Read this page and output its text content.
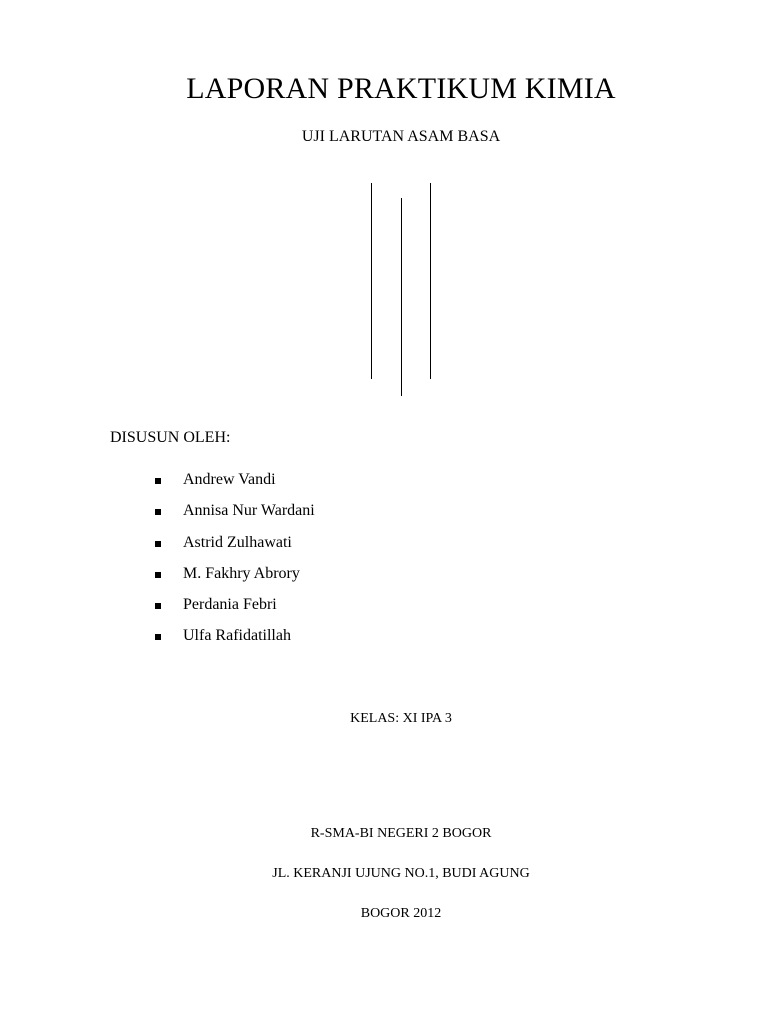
LAPORAN PRAKTIKUM KIMIA
UJI LARUTAN ASAM BASA
DISUSUN OLEH:
Andrew Vandi
Annisa Nur Wardani
Astrid Zulhawati
M. Fakhry Abrory
Perdania Febri
Ulfa Rafidatillah
KELAS: XI IPA 3
R-SMA-BI NEGERI 2 BOGOR
JL. KERANJI UJUNG NO.1, BUDI AGUNG
BOGOR 2012
